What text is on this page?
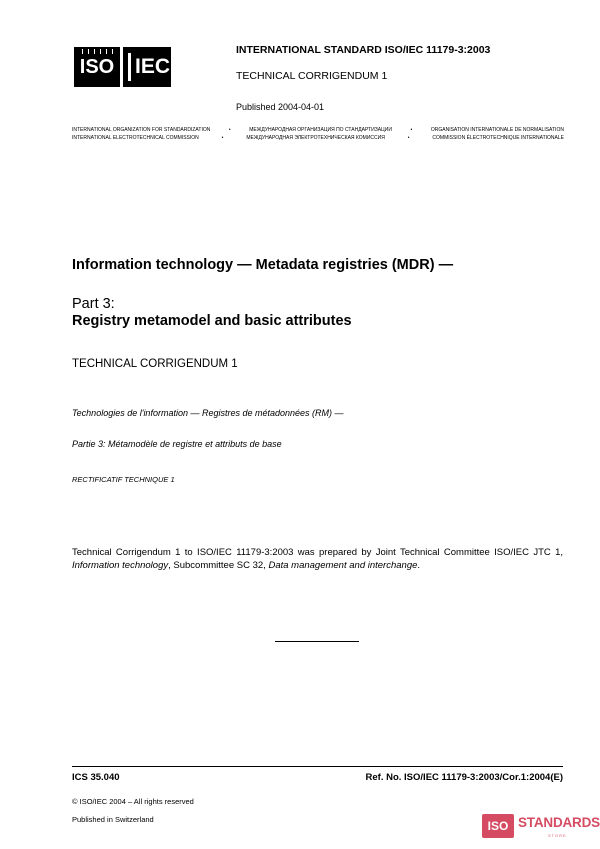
ISO IEC
INTERNATIONAL STANDARD ISO/IEC 11179-3:2003
TECHNICAL CORRIGENDUM 1
Published 2004-04-01
INTERNATIONAL ORGANIZATION FOR STANDARDIZATION	•	МЕЖДУНАРОДНАЯ ОРГАНИЗАЦИЯ ПО СТАНДАРТИЗАЦИИ	•	ORGANISATION INTERNATIONALE DE NORMALISATION
INTERNATIONAL ELECTROTECHNICAL COMMISSION	•	МЕЖДУНАРОДНАЯ ЭЛЕКТРОТЕХНИЧЕСКАЯ КОМИССИЯ	•	COMMISSION ÉLECTROTECHNIQUE INTERNATIONALE
Information technology — Metadata registries (MDR) —
Part 3:
Registry metamodel and basic attributes
TECHNICAL CORRIGENDUM 1
Technologies de l'information — Registres de métadonnées (RM) —
Partie 3: Métamodèle de registre et attributs de base
RECTIFICATIF TECHNIQUE 1
Technical Corrigendum 1 to ISO/IEC 11179-3:2003 was prepared by Joint Technical Committee ISO/IEC JTC 1, Information technology, Subcommittee SC 32, Data management and interchange.
ICS 35.040	Ref. No. ISO/IEC 11179-3:2003/Cor.1:2004(E)
© ISO/IEC 2004 – All rights reserved
Published in Switzerland	ISO STANDARDS
STORE
